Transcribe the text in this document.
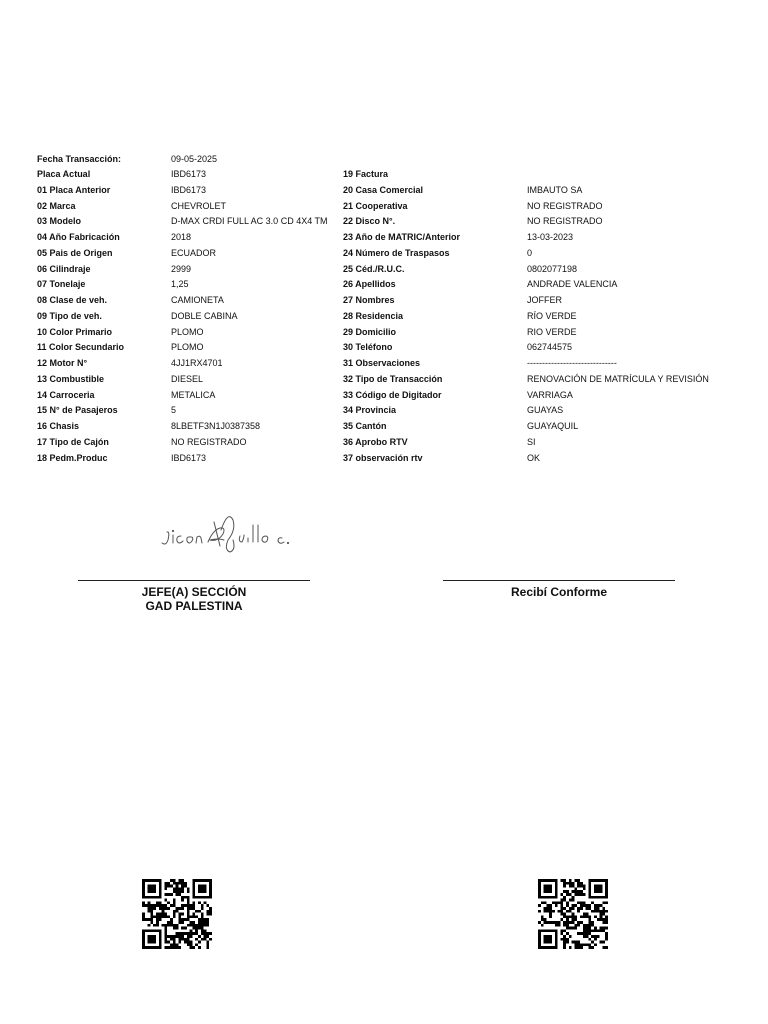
Fecha Transacción:	09-05-2025
Placa Actual	IBD6173
01 Placa Anterior	IBD6173
02 Marca	CHEVROLET
03 Modelo	D-MAX CRDI FULL AC 3.0 CD 4X4 TM
04 Año Fabricación	2018
05 Pais de Origen	ECUADOR
06 Cilindraje	2999
07 Tonelaje	1,25
08 Clase de veh.	CAMIONETA
09 Tipo de veh.	DOBLE CABINA
10 Color Primario	PLOMO
11 Color Secundario	PLOMO
12 Motor N°	4JJ1RX4701
13 Combustible	DIESEL
14 Carroceria	METALICA
15 N° de Pasajeros	5
16 Chasis	8LBETF3N1J0387358
17 Tipo de Cajón	NO REGISTRADO
18 Pedm.Produc	IBD6173
19 Factura
20 Casa Comercial	IMBAUTO SA
21 Cooperativa	NO REGISTRADO
22 Disco N°.	NO REGISTRADO
23 Año de MATRIC/Anterior	13-03-2023
24 Número de Traspasos	0
25 Céd./R.U.C.	0802077198
26 Apellidos	ANDRADE VALENCIA
27 Nombres	JOFFER
28 Residencia	RÍO VERDE
29 Domicilio	RIO VERDE
30 Teléfono	062744575
31 Observaciones	------------------------------
32 Tipo de Transacción	RENOVACIÓN DE MATRÍCULA Y REVISIÓN
33 Código de Digitador	VARRIAGA
34 Provincia	GUAYAS
35 Cantón	GUAYAQUIL
36 Aprobo RTV	SI
37 observación rtv	OK
JEFE(A) SECCIÓN
GAD PALESTINA
Recibí Conforme
